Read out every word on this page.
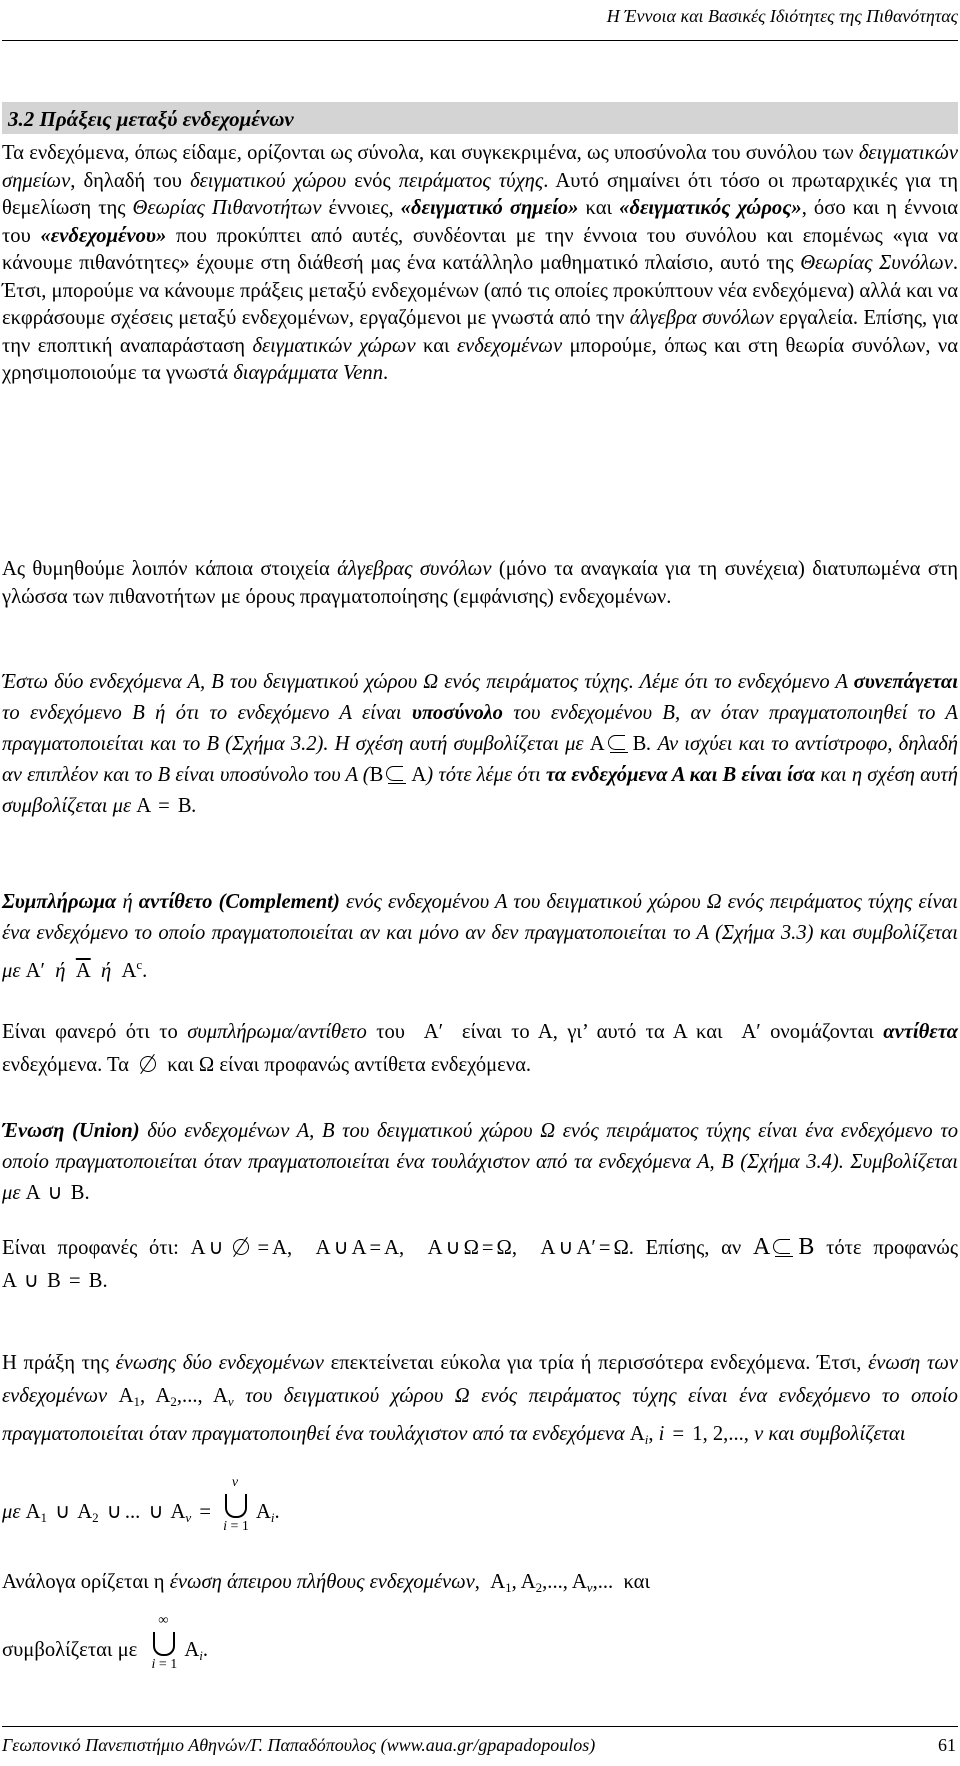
Η Έννοια και Βασικές Ιδιότητες της Πιθανότητας
3.2 Πράξεις μεταξύ ενδεχομένων

Τα ενδεχόμενα, όπως είδαμε, ορίζονται ως σύνολα, και συγκεκριμένα, ως υποσύνολα του συνόλου των δειγματικών σημείων, δηλαδή του δειγματικού χώρου ενός πειράματος τύχης. Αυτό σημαίνει ότι τόσο οι πρωταρχικές για τη θεμελίωση της Θεωρίας Πιθανοτήτων έννοιες, «δειγματικό σημείο» και «δειγματικός χώρος», όσο και η έννοια του «ενδεχομένου» που προκύπτει από αυτές, συνδέονται με την έννοια του συνόλου και επομένως «για να κάνουμε πιθανότητες» έχουμε στη διάθεσή μας ένα κατάλληλο μαθηματικό πλαίσιο, αυτό της Θεωρίας Συνόλων. Έτσι, μπορούμε να κάνουμε πράξεις μεταξύ ενδεχομένων (από τις οποίες προκύπτουν νέα ενδεχόμενα) αλλά και να εκφράσουμε σχέσεις μεταξύ ενδεχομένων, εργαζόμενοι με γνωστά από την άλγεβρα συνόλων εργαλεία. Επίσης, για την εποπτική αναπαράσταση δειγματικών χώρων και ενδεχομένων μπορούμε, όπως και στη θεωρία συνόλων, να χρησιμοποιούμε τα γνωστά διαγράμματα Venn.

Ας θυμηθούμε λοιπόν κάποια στοιχεία άλγεβρας συνόλων (μόνο τα αναγκαία για τη συνέχεια) διατυπωμένα στη γλώσσα των πιθανοτήτων με όρους πραγματοποίησης (εμφάνισης) ενδεχομένων.

Έστω δύο ενδεχόμενα Α, Β του δειγματικού χώρου Ω ενός πειράματος τύχης. Λέμε ότι το ενδεχόμενο Α συνεπάγεται το ενδεχόμενο Β ή ότι το ενδεχόμενο Α είναι υποσύνολο του ενδεχομένου Β, αν όταν πραγματοποιηθεί το Α πραγματοποιείται και το Β (Σχήμα 3.2). Η σχέση αυτή συμβολίζεται με A B. Αν ισχύει και το αντίστροφο, δηλαδή αν επιπλέον και το Β είναι υποσύνολο του Α (B A) τότε λέμε ότι τα ενδεχόμενα Α και Β είναι ίσα και η σχέση αυτή συμβολίζεται με A = B.

Συμπλήρωμα ή αντίθετο (Complement) ενός ενδεχομένου Α του δειγματικού χώρου Ω ενός πειράματος τύχης είναι ένα ενδεχόμενο το οποίο πραγματοποιείται αν και μόνο αν δεν πραγματοποιείται το Α (Σχήμα 3.3) και συμβολίζεται με A′ ή $\overline{A}$ ή $A^c$.

Είναι φανερό ότι το συμπλήρωμα/αντίθετο του  A′  είναι το Α, γι’ αυτό τα Α και  A′ ονομάζονται αντίθετα ενδεχόμενα. Τα  και Ω είναι προφανώς αντίθετα ενδεχόμενα.

Ένωση (Union) δύο ενδεχομένων Α, Β του δειγματικού χώρου Ω ενός πειράματος τύχης είναι ένα ενδεχόμενο το οποίο πραγματοποιείται όταν πραγματοποιείται ένα τουλάχιστον από τα ενδεχόμενα Α, Β (Σχήμα 3.4). Συμβολίζεται με A ∪ B.

Είναι προφανές ότι: A ∪ = A,  A ∪ A = A,  A ∪ Ω = Ω,  A ∪ A′ = Ω. Επίσης, αν A B τότε προφανώς A ∪ B = B.

Η πράξη της ένωσης δύο ενδεχομένων επεκτείνεται εύκολα για τρία ή περισσότερα ενδεχόμενα. Έτσι, ένωση των ενδεχομένων $A_1$, $A_2$,..., $A_\nu$ του δειγματικού χώρου Ω ενός πειράματος τύχης είναι ένα ενδεχόμενο το οποίο πραγματοποιείται όταν πραγματοποιηθεί ένα τουλάχιστον από τα ενδεχόμενα $A_i$, i = 1, 2,..., ν και συμβολίζεται

με $A_1$ ∪ $A_2$ ∪ ... ∪ $A_\nu$ =
ν
i = 1
$A_i$.

Ανάλογα ορίζεται η ένωση άπειρου πλήθους ενδεχομένων,  $A_1$, $A_2$,..., $A_\nu$,... και

συμβολίζεται με
∞
i = 1
$A_i$.

Γεωπονικό Πανεπιστήμιο Αθηνών/Γ. Παπαδόπουλος (www.aua.gr/gpapadopoulos)	61
